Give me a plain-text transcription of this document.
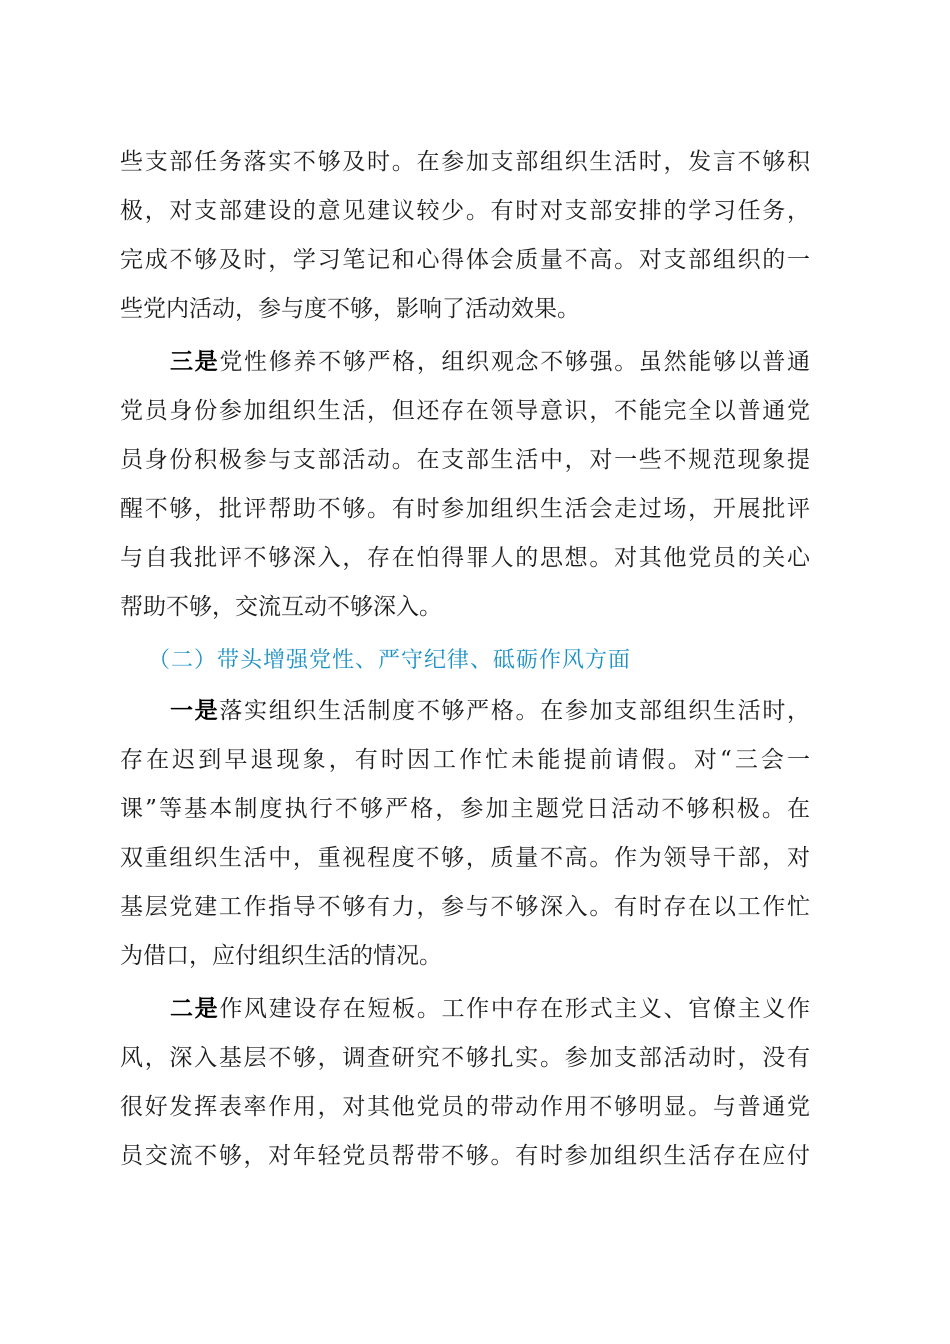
些支部任务落实不够及时。在参加支部组织生活时，发言不够积
极，对支部建设的意见建议较少。有时对支部安排的学习任务，
完成不够及时，学习笔记和心得体会质量不高。对支部组织的一
些党内活动，参与度不够，影响了活动效果。
三是党性修养不够严格，组织观念不够强。虽然能够以普通
党员身份参加组织生活，但还存在领导意识，不能完全以普通党
员身份积极参与支部活动。在支部生活中，对一些不规范现象提
醒不够，批评帮助不够。有时参加组织生活会走过场，开展批评
与自我批评不够深入，存在怕得罪人的思想。对其他党员的关心
帮助不够，交流互动不够深入。
（二）带头增强党性、严守纪律、砥砺作风方面
一是落实组织生活制度不够严格。在参加支部组织生活时，
存在迟到早退现象，有时因工作忙未能提前请假。对“三会一
课”等基本制度执行不够严格，参加主题党日活动不够积极。在
双重组织生活中，重视程度不够，质量不高。作为领导干部，对
基层党建工作指导不够有力，参与不够深入。有时存在以工作忙
为借口，应付组织生活的情况。
二是作风建设存在短板。工作中存在形式主义、官僚主义作
风，深入基层不够，调查研究不够扎实。参加支部活动时，没有
很好发挥表率作用，对其他党员的带动作用不够明显。与普通党
员交流不够，对年轻党员帮带不够。有时参加组织生活存在应付
